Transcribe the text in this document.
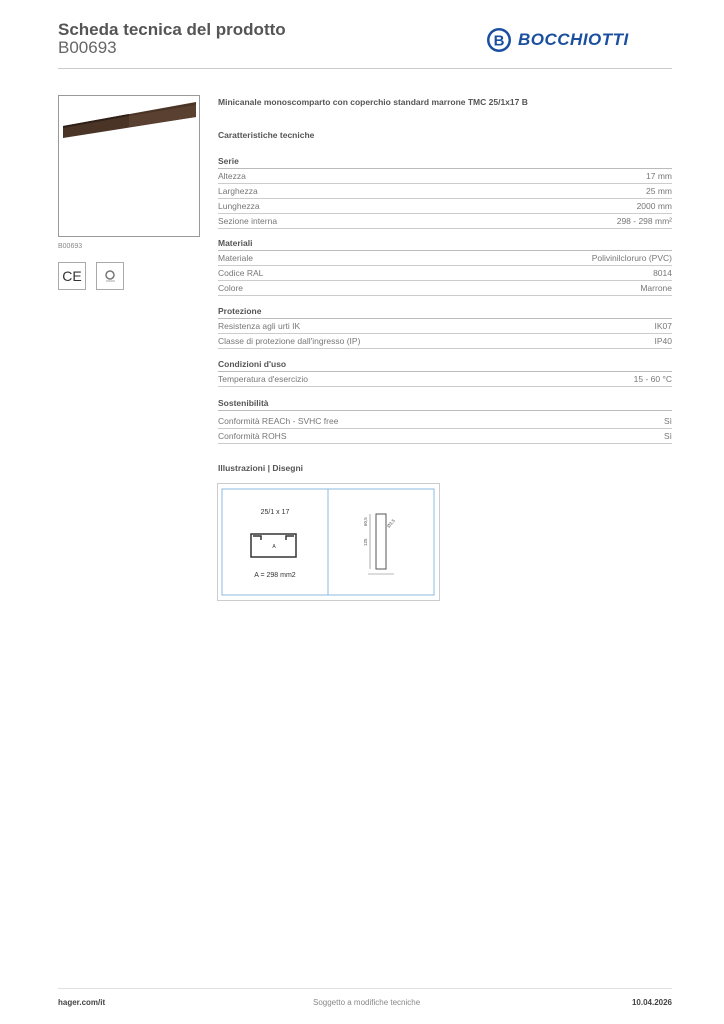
Scheda tecnica del prodotto
B00693	B BOCCHIOTTI
B00693
CE
Minicanale monoscomparto con coperchio standard marrone TMC 25/1x17 B
Caratteristiche tecniche
Serie
Altezza	17 mm
Larghezza	25 mm
Lunghezza	2000 mm
Sezione interna	298 - 298 mm²
Materiali
Materiale	Polivinilcloruro (PVC)
Codice RAL	8014
Colore	Marrone
Protezione
Resistenza agli urti IK	IK07
Classe di protezione dall'ingresso (IP)	IP40
Condizioni d'uso
Temperatura d'esercizio	15 - 60 °C
Sostenibilità
Conformità REACh - SVHC free	Sì
Conformità ROHS	Sì
Illustrazioni | Disegni
25/1 x 17
A
A = 298 mm2
125
60,5	Ø3,5
hager.com/it	Soggetto a modifiche tecniche	10.04.2026
